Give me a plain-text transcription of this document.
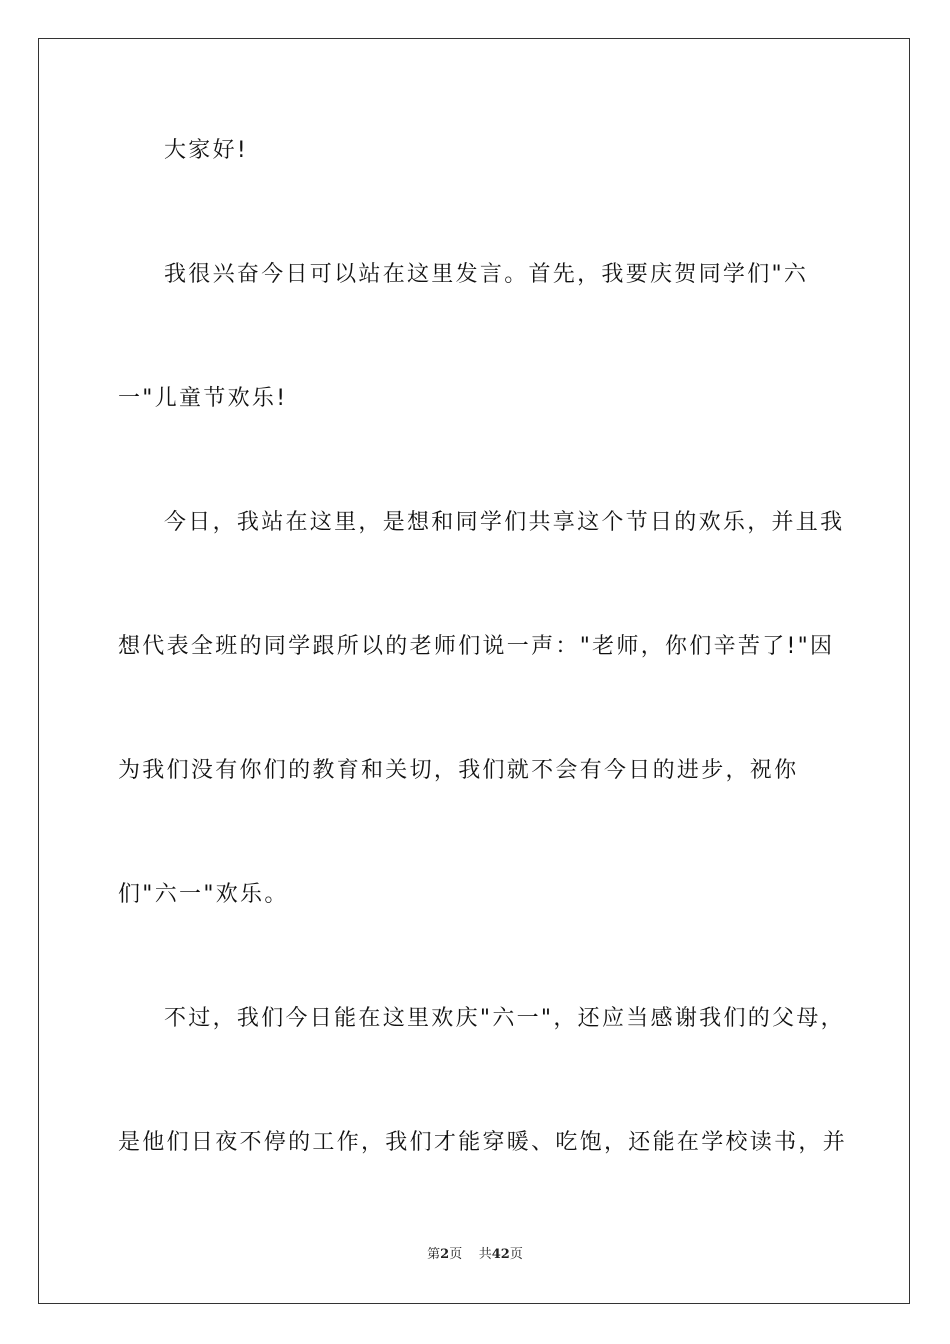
大家好!

我很兴奋今日可以站在这里发言。首先，我要庆贺同学们"六

一"儿童节欢乐!

今日，我站在这里，是想和同学们共享这个节日的欢乐，并且我

想代表全班的同学跟所以的老师们说一声："老师，你们辛苦了!"因

为我们没有你们的教育和关切，我们就不会有今日的进步，祝你

们"六一"欢乐。

不过，我们今日能在这里欢庆"六一"，还应当感谢我们的父母，

是他们日夜不停的工作，我们才能穿暖、吃饱，还能在学校读书，并

第2页 共42页
